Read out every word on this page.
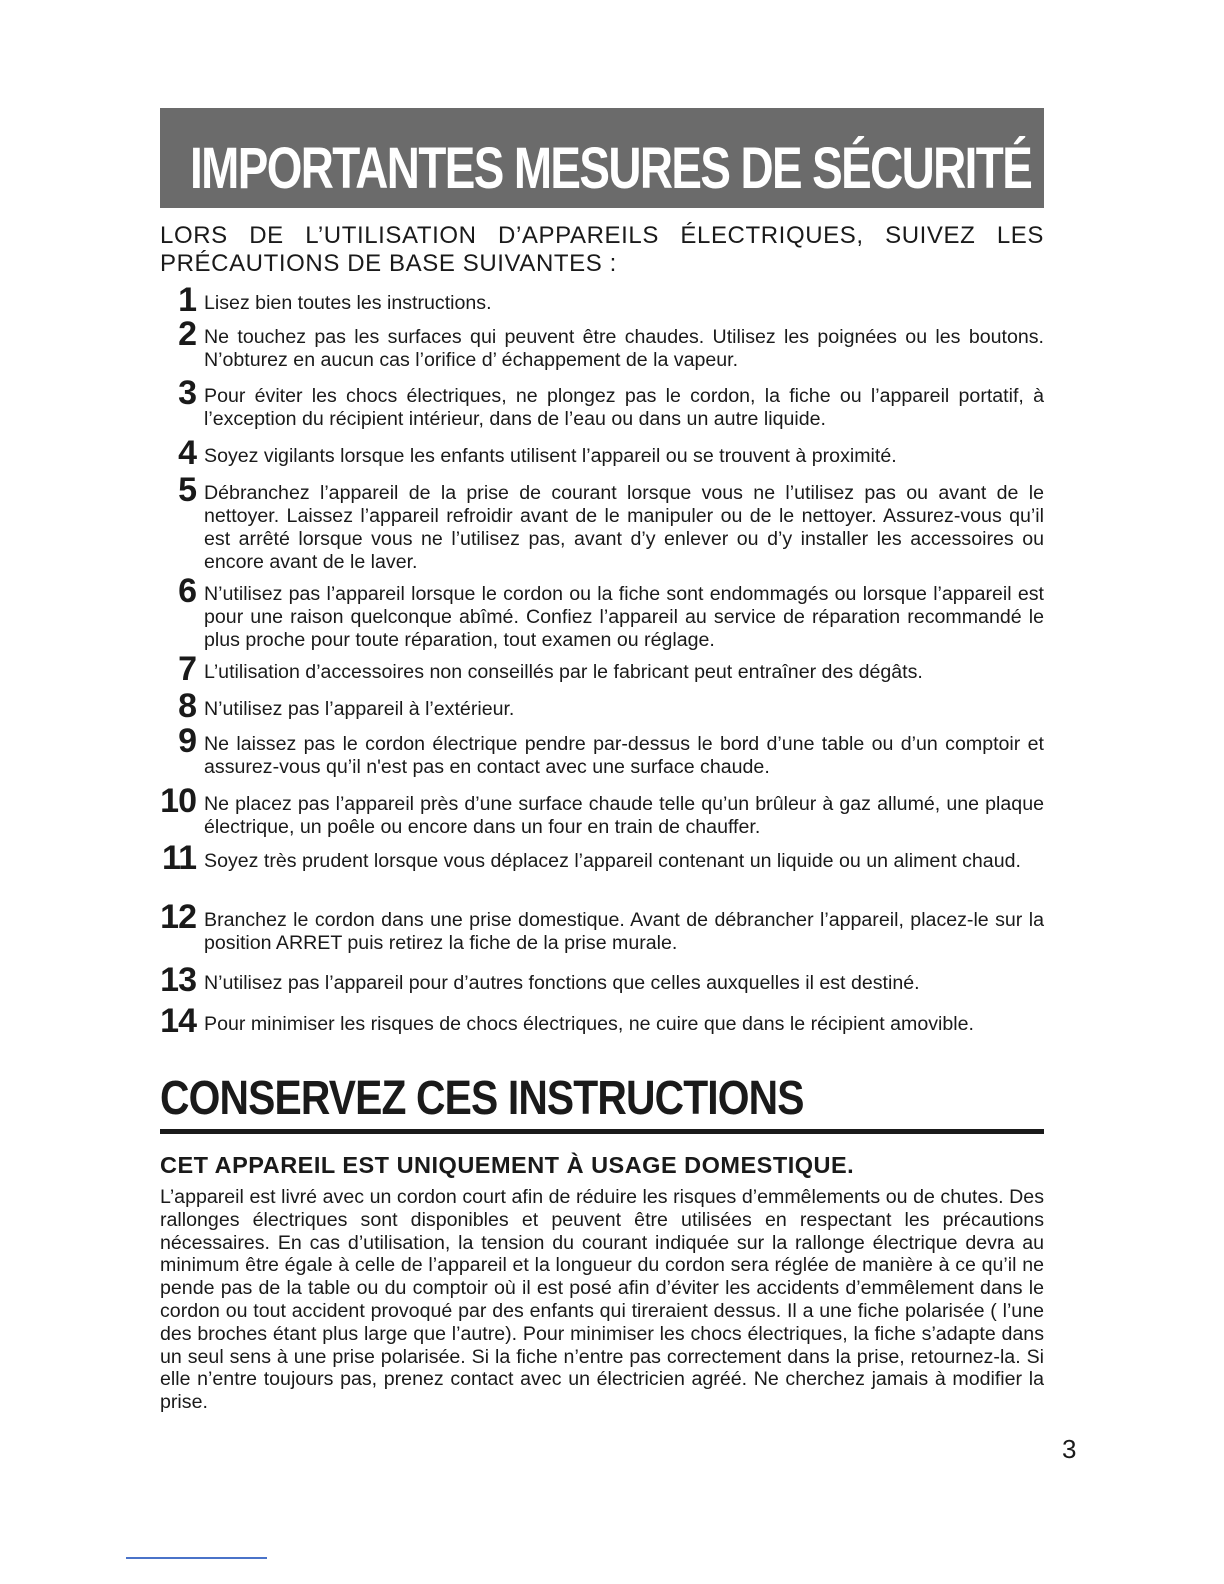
IMPORTANTES MESURES DE SÉCURITÉ

LORS DE L’UTILISATION D’APPAREILS ÉLECTRIQUES, SUIVEZ LES PRÉCAUTIONS DE BASE SUIVANTES :

1 Lisez bien toutes les instructions.
2 Ne touchez pas les surfaces qui peuvent être chaudes. Utilisez les poignées ou les boutons. N’obturez en aucun cas l’orifice d’ échappement de la vapeur.
3 Pour éviter les chocs électriques, ne plongez pas le cordon, la fiche ou l’appareil portatif, à l’exception du récipient intérieur, dans de l’eau ou dans un autre liquide.
4 Soyez vigilants lorsque les enfants utilisent l’appareil ou se trouvent à proximité.
5 Débranchez l’appareil de la prise de courant lorsque vous ne l’utilisez pas ou avant de le nettoyer. Laissez l’appareil refroidir avant de le manipuler ou de le nettoyer. Assurez-vous qu’il est arrêté lorsque vous ne l’utilisez pas, avant d’y enlever ou d’y installer les accessoires ou encore avant de le laver.
6 N’utilisez pas l’appareil lorsque le cordon ou la fiche sont endommagés ou lorsque l’appareil est pour une raison quelconque abîmé. Confiez l’appareil au service de réparation recommandé le plus proche pour toute réparation, tout examen ou réglage.
7 L’utilisation d’accessoires non conseillés par le fabricant peut entraîner des dégâts.
8 N’utilisez pas l’appareil à l’extérieur.
9 Ne laissez pas le cordon électrique pendre par-dessus le bord d’une table ou d’un comptoir et assurez-vous qu’il n'est pas en contact avec une surface chaude.
10 Ne placez pas l’appareil près d’une surface chaude telle qu’un brûleur à gaz allumé, une plaque électrique, un poêle ou encore dans un four en train de chauffer.
11 Soyez très prudent lorsque vous déplacez l’appareil contenant un liquide ou un aliment chaud.
12 Branchez le cordon dans une prise domestique. Avant de débrancher l’appareil, placez-le sur la position ARRET puis retirez la fiche de la prise murale.
13 N’utilisez pas l’appareil pour d’autres fonctions que celles auxquelles il est destiné.
14 Pour minimiser les risques de chocs électriques, ne cuire que dans le récipient amovible.
CONSERVEZ CES INSTRUCTIONS
CET APPAREIL EST UNIQUEMENT À USAGE DOMESTIQUE.

L’appareil est livré avec un cordon court afin de réduire les risques d’emmêlements ou de chutes. Des rallonges électriques sont disponibles et peuvent être utilisées en respectant les précautions nécessaires. En cas d’utilisation, la tension du courant indiquée sur la rallonge électrique devra au minimum être égale à celle de l’appareil et la longueur du cordon sera réglée de manière à ce qu’il ne pende pas de la table ou du comptoir où il est posé afin d’éviter les accidents d’emmêlement dans le cordon ou tout accident provoqué par des enfants qui tireraient dessus. Il a une fiche polarisée ( l’une des broches étant plus large que l’autre). Pour minimiser les chocs électriques, la fiche s’adapte dans un seul sens à une prise polarisée. Si la fiche n’entre pas correctement dans la prise, retournez-la. Si elle n’entre toujours pas, prenez contact avec un électricien agréé. Ne cherchez jamais à modifier la prise.

3
